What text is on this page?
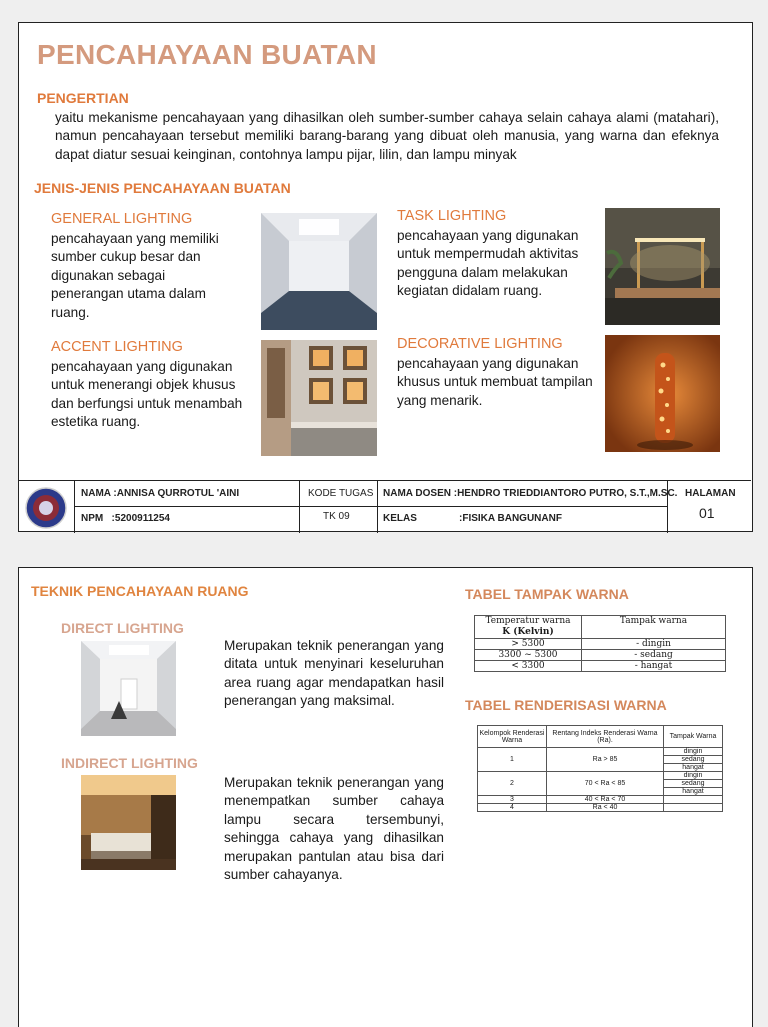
PENCAHAYAAN BUATAN
PENGERTIAN
yaitu mekanisme pencahayaan yang dihasilkan oleh sumber-sumber cahaya selain cahaya alami (matahari), namun pencahayaan tersebut memiliki barang-barang yang dibuat oleh manusia, yang warna dan efeknya dapat diatur sesuai keinginan, contohnya lampu pijar, lilin, dan lampu minyak
JENIS-JENIS PENCAHAYAAN BUATAN
GENERAL LIGHTING
pencahayaan yang memiliki sumber cukup besar dan digunakan sebagai penerangan utama dalam ruang.
TASK LIGHTING
pencahayaan yang digunakan untuk mempermudah aktivitas pengguna dalam melakukan kegiatan didalam ruang.
ACCENT LIGHTING
pencahayaan yang digunakan untuk menerangi objek khusus dan berfungsi untuk menambah estetika ruang.
DECORATIVE LIGHTING
pencahayaan yang digunakan khusus untuk membuat tampilan yang menarik.
NAMA :ANNISA QURROTUL 'AINI
NPM   :5200911254
KODE TUGAS
TK 09
NAMA DOSEN :HENDRO TRIEDDIANTORO PUTRO, S.T.,M.SC.
KELAS	:FISIKA BANGUNANF
HALAMAN
01
TEKNIK PENCAHAYAAN RUANG
DIRECT LIGHTING
Merupakan teknik penerangan yang ditata untuk menyinari keseluruhan area ruang agar mendapatkan hasil penerangan yang maksimal.
INDIRECT LIGHTING
Merupakan teknik penerangan yang menempatkan sumber cahaya lampu secara tersembunyi, sehingga cahaya yang dihasilkan merupakan pantulan atau bisa dari sumber cahayanya.
TABEL TAMPAK WARNA
Temperatur warna
K (Kelvin)	Tampak warna
> 5300	- dingin
3300 ~ 5300	- sedang
< 3300	- hangat
TABEL RENDERISASI WARNA
Kelompok Renderasi Warna	Rentang Indeks Renderasi Warna (Ra).	Tampak Warna
1	Ra > 85	dingin
		sedang
		hangat
2	70 < Ra < 85	dingin
		sedang
		hangat
3	40 < Ra < 70	
4	Ra < 40	
